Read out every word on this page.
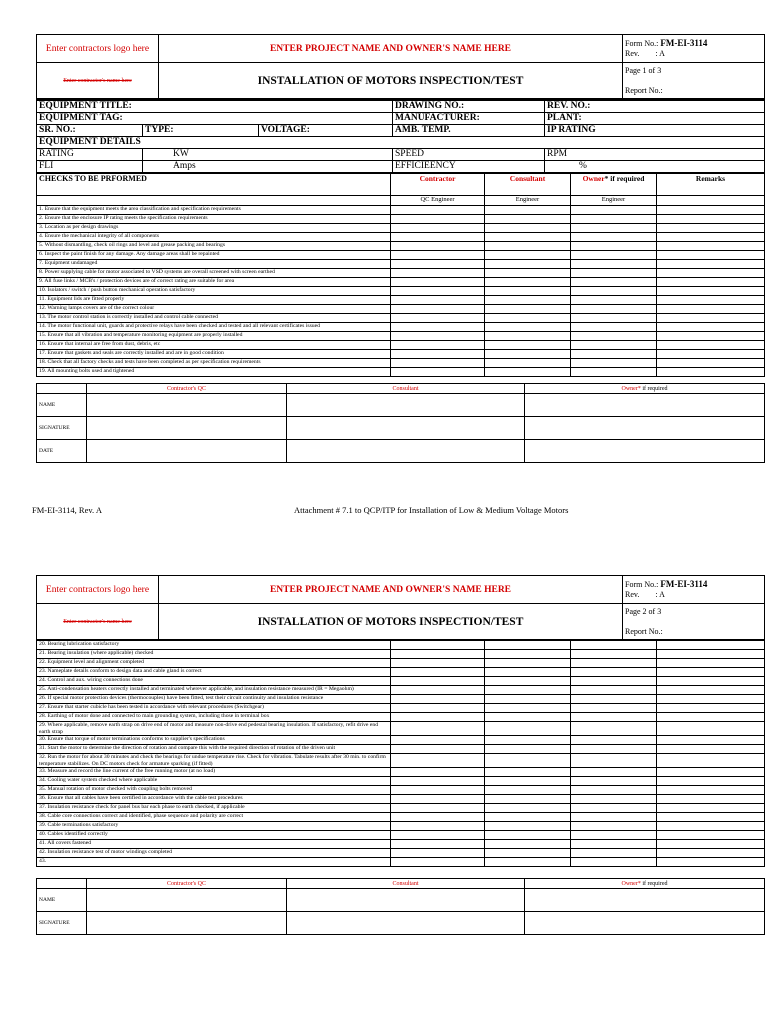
Enter contractors logo here	ENTER PROJECT NAME AND OWNER'S NAME HERE	Form No.: FM-EI-3114
Rev. : A
Enter contractor's name here	INSTALLATION OF MOTORS INSPECTION/TEST	Page 1 of 3

Report No.:
EQUIPMENT TITLE:			DRAWING NO.:	REV. NO.:
EQUIPMENT TAG:			MANUFACTURER:	PLANT:
SR. NO.:	TYPE:	VOLTAGE:	AMB. TEMP.	IP RATING
EQUIPMENT DETAILS				
RATING	KW		SPEED	RPM
FLI	Amps		EFFICIEENCY	%
CHECKS TO BE PRFORMED	Contractor	Consultant	Owner* if required	Remarks
	QC Engineer	Engineer	Engineer	
1. Ensure that the equipment meets the area classification and specification requirements				
2. Ensure that the enclosure IP rating meets the specification requirements				
3. Location as per design drawings				
4. Ensure the mechanical integrity of all components				
5. Without dismantling, check oil rings and level and grease packing and bearings				
6. Inspect the paint finish for any damage. Any damage areas shall be repainted				
7. Equipment undamaged				
8. Power supplying cable for motor associated to VSD systems are overall screened with screen earthed				
9. All fuse links / MCB's / protection devices are of correct rating are suitable for area				
10. Isolators / switch / push button mechanical operation satisfactory				
11. Equipment lids are fitted properly				
12. Warning lamps covers are of the correct colour				
13. The motor control station is correctly installed and control cable connected				
14. The motor functional unit, guards and protective relays have been checked and tested and all relevant certificates issued				
15. Ensure that all vibration and temperature monitoring equipment are properly installed				
16. Ensure that internal are free from dust, debris, etc				
17. Ensure that gaskets and seals are correctly installed and are in good condition				
18. Check that all factory checks and tests have been completed as per specification requirements				
19. All mounting bolts used and tightened				
	Contractor's QC	Consultant	Owner* if required
NAME			
SIGNATURE			
DATE			
FM-EI-3114, Rev. A	Attachment # 7.1 to QCP/ITP for Installation of Low & Medium Voltage Motors
Enter contractors logo here	ENTER PROJECT NAME AND OWNER'S NAME HERE	Form No.: FM-EI-3114
Rev. : A
Enter contractor's name here	INSTALLATION OF MOTORS INSPECTION/TEST	Page 2 of 3

Report No.:
20. Bearing lubrication satisfactory				
21. Bearing insulation (where applicable) checked				
22. Equipment level and alignment completed				
23. Nameplate details conform to design data and cable gland is correct				
24. Control and aux. wiring connections done				
25. Anti-condensation heaters correctly installed and terminated wherever applicable, and insulation resistance measured (IR = Megaohm)				
26. If special motor protection devices (thermocouples) have been fitted, test their circuit continuity and insulation resistance				
27. Ensure that starter cubicle has been tested in accordance with relevant procedures (Switchgear)				
28. Earthing of motor done and connected to main grounding system, including those in terminal box				
29. Where applicable, remove earth strap on drive end of motor and measure non-drive end pedestal bearing insulation. If satisfactory, refit drive end earth strap				
30. Ensure that torque of motor terminations conforms to supplier's specifications				
31. Start the motor to determine the direction of rotation and compare this with the required direction of rotation of the driven unit				
32. Run the motor for about 30 minutes and check the bearings for undue temperature rise. Check for vibration. Tabulate results after 30 min. to confirm temperature stabilizes. On DC motors check for armature sparking (if fitted)				
33. Measure and record the line current of the free running motor (at no load)				
34. Cooling water system checked where applicable				
35. Manual rotation of motor checked with coupling bolts removed				
36. Ensure that all cables have been certified in accordance with the cable test procedures				
37. Insulation resistance check for panel bus bar each phase to earth checked, if applicable				
38. Cable core connections correct and identified, phase sequence and polarity are correct				
39. Cable terminations satisfactory				
40. Cables identified correctly				
41. All covers fastened				
42. Insulation resistance test of motor windings completed				
43.				
	Contractor's QC	Consultant	Owner* if required
NAME			
SIGNATURE			
